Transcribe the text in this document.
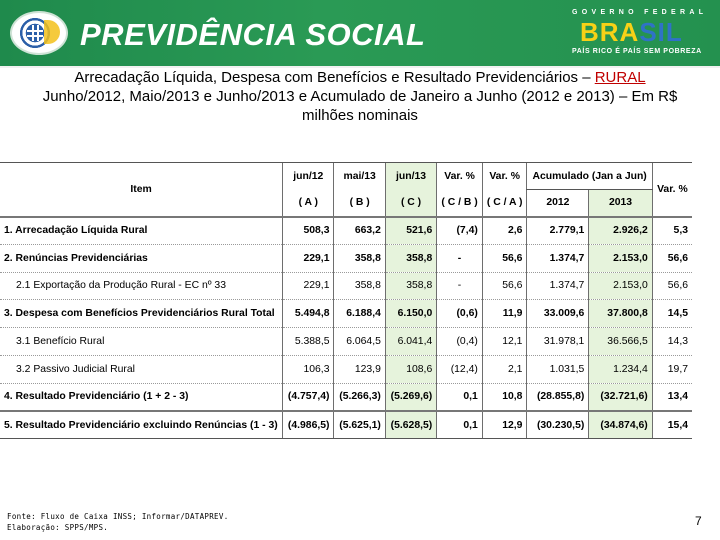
PREVIDÊNCIA SOCIAL
GOVERNO FEDERAL
BRASIL
PAÍS RICO É PAÍS SEM POBREZA
Arrecadação Líquida, Despesa com Benefícios e Resultado Previdenciários – RURAL
Junho/2012, Maio/2013 e Junho/2013 e Acumulado de Janeiro a Junho (2012 e 2013) – Em R$
milhões nominais
Item	jun/12	mai/13	jun/13	Var. %	Var. %	Acumulado (Jan a Jun)		Var. %
	( A )	( B )	( C )	( C / B )	( C / A )	2012	2013	
1. Arrecadação Líquida Rural	508,3	663,2	521,6	(7,4)	2,6	2.779,1	2.926,2	5,3
2. Renúncias Previdenciárias	229,1	358,8	358,8	-	56,6	1.374,7	2.153,0	56,6
2.1 Exportação da Produção Rural - EC nº 33	229,1	358,8	358,8	-	56,6	1.374,7	2.153,0	56,6
3. Despesa com Benefícios Previdenciários Rural Total	5.494,8	6.188,4	6.150,0	(0,6)	11,9	33.009,6	37.800,8	14,5
3.1 Benefício Rural	5.388,5	6.064,5	6.041,4	(0,4)	12,1	31.978,1	36.566,5	14,3
3.2 Passivo Judicial Rural	106,3	123,9	108,6	(12,4)	2,1	1.031,5	1.234,4	19,7
4. Resultado Previdenciário (1 + 2 - 3)	(4.757,4)	(5.266,3)	(5.269,6)	0,1	10,8	(28.855,8)	(32.721,6)	13,4
5. Resultado Previdenciário excluindo Renúncias (1 - 3)	(4.986,5)	(5.625,1)	(5.628,5)	0,1	12,9	(30.230,5)	(34.874,6)	15,4
Fonte: Fluxo de Caixa INSS; Informar/DATAPREV.
Elaboração: SPPS/MPS.	7
